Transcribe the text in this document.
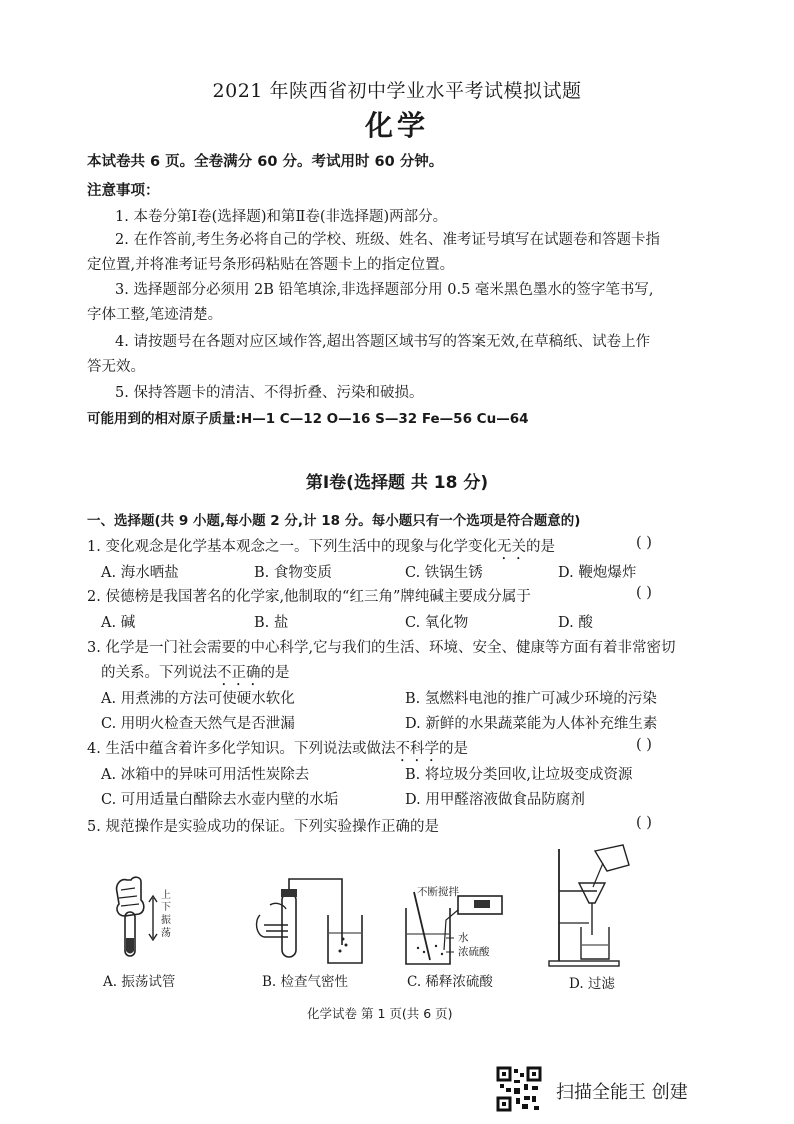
2021 年陕西省初中学业水平考试模拟试题
化学
本试卷共 6 页。全卷满分 60 分。考试用时 60 分钟。
注意事项：
1. 本卷分第Ⅰ卷(选择题)和第Ⅱ卷(非选择题)两部分。
2. 在作答前,考生务必将自己的学校、班级、姓名、准考证号填写在试题卷和答题卡指
定位置,并将准考证号条形码粘贴在答题卡上的指定位置。
3. 选择题部分必须用 2B 铅笔填涂,非选择题部分用 0.5 毫米黑色墨水的签字笔书写,
字体工整,笔迹清楚。
4. 请按题号在各题对应区域作答,超出答题区域书写的答案无效,在草稿纸、试卷上作
答无效。
5. 保持答题卡的清洁、不得折叠、污染和破损。
可能用到的相对原子质量:H—1 C—12 O—16 S—32 Fe—56 Cu—64
第Ⅰ卷(选择题 共 18 分)
一、选择题(共 9 小题,每小题 2 分,计 18 分。每小题只有一个选项是符合题意的)
1. 变化观念是化学基本观念之一。下列生活中的现象与化学变化无关的是	( )
A. 海水晒盐	B. 食物变质	C. 铁锅生锈	D. 鞭炮爆炸
2. 侯德榜是我国著名的化学家,他制取的“红三角”牌纯碱主要成分属于	( )
A. 碱	B. 盐	C. 氧化物	D. 酸
3. 化学是一门社会需要的中心科学,它与我们的生活、环境、安全、健康等方面有着非常密切
的关系。下列说法不正确的是
A. 用煮沸的方法可使硬水软化	B. 氢燃料电池的推广可减少环境的污染
C. 用明火检查天然气是否泄漏	D. 新鲜的水果蔬菜能为人体补充维生素
4. 生活中蕴含着许多化学知识。下列说法或做法不科学的是	( )
A. 冰箱中的异味可用活性炭除去	B. 将垃圾分类回收,让垃圾变成资源
C. 可用适量白醋除去水壶内壁的水垢	D. 用甲醛溶液做食品防腐剂
5. 规范操作是实验成功的保证。下列实验操作正确的是	( )
上
下
振
荡
不断搅拌
水
浓硫酸
A. 振荡试管	B. 检查气密性	C. 稀释浓硫酸	D. 过滤
化学试卷 第 1 页(共 6 页)
扫描全能王 创建
